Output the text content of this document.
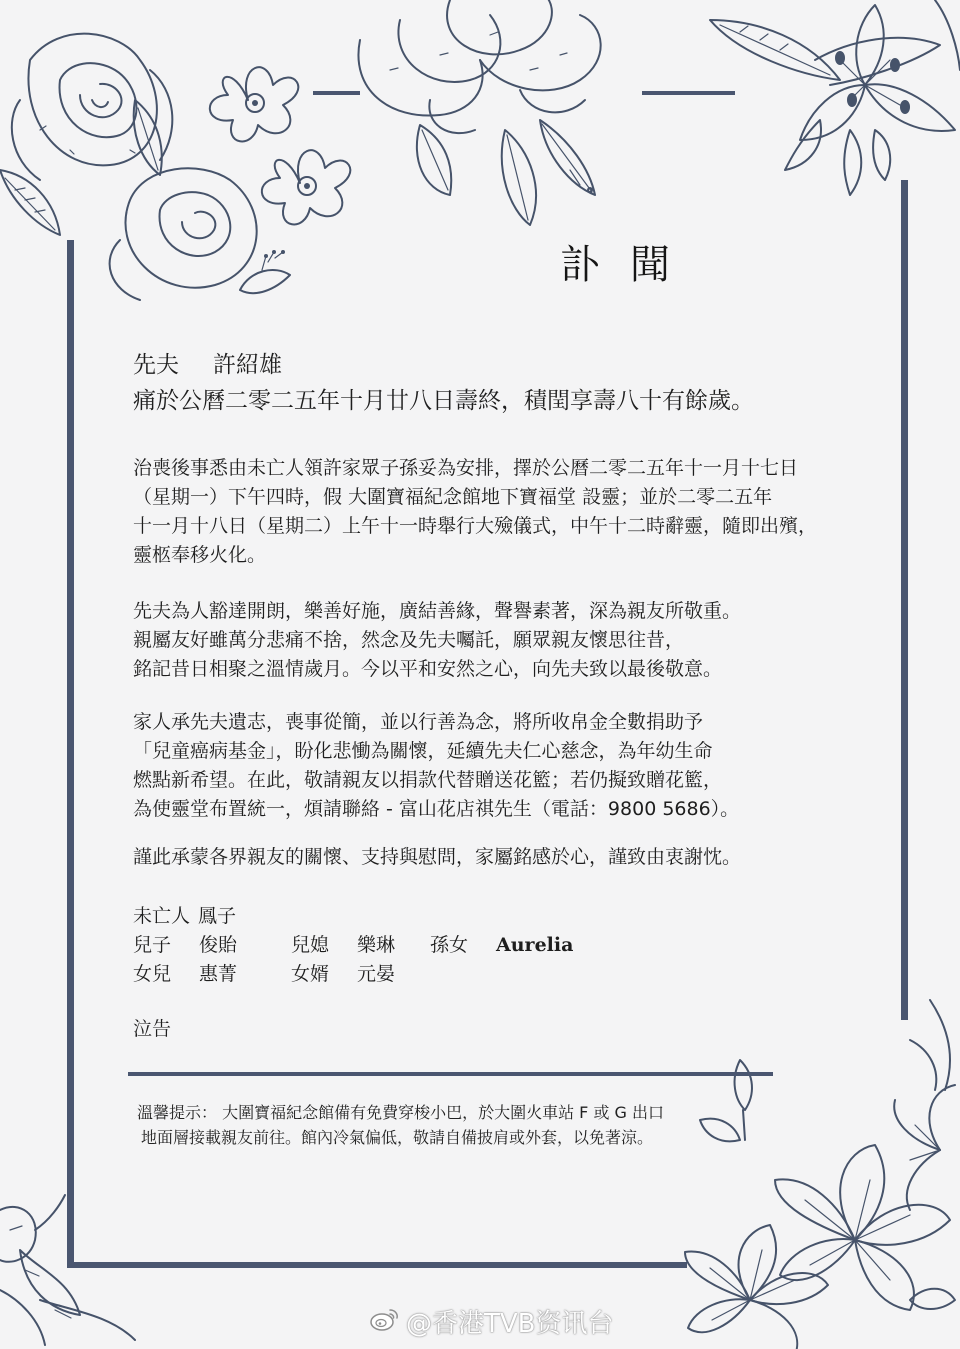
訃聞
先夫 許紹雄
痛於公曆二零二五年十月廿八日壽終，積閏享壽八十有餘歲。
治喪後事悉由未亡人領許家眾子孫妥為安排，擇於公曆二零二五年十一月十七日
（星期一）下午四時，假 大圍寶福紀念館地下寶福堂 設靈；並於二零二五年
十一月十八日（星期二）上午十一時舉行大殮儀式，中午十二時辭靈，隨即出殯，
靈柩奉移火化。
先夫為人豁達開朗，樂善好施，廣結善緣，聲譽素著，深為親友所敬重。
親屬友好雖萬分悲痛不捨，然念及先夫囑託，願眾親友懷思往昔，
銘記昔日相聚之溫情歲月。今以平和安然之心，向先夫致以最後敬意。
家人承先夫遺志，喪事從簡，並以行善為念，將所收帛金全數捐助予
「兒童癌病基金」，盼化悲慟為關懷，延續先夫仁心慈念，為年幼生命
燃點新希望。在此，敬請親友以捐款代替贈送花籃；若仍擬致贈花籃，
為使靈堂布置統一，煩請聯絡 - 富山花店祺先生（電話：9800 5686）。
謹此承蒙各界親友的關懷、支持與慰問，家屬銘感於心，謹致由衷謝忱。
未亡人 鳳子
兒子	俊貽	兒媳	樂琳	孫女	Aurelia
女兒	惠菁	女婿	元晏
泣告
溫馨提示： 大圍寶福紀念館備有免費穿梭小巴，於大圍火車站 F 或 G 出口
地面層接載親友前往。館內冷氣偏低，敬請自備披肩或外套，以免著涼。
@香港TVB资讯台
